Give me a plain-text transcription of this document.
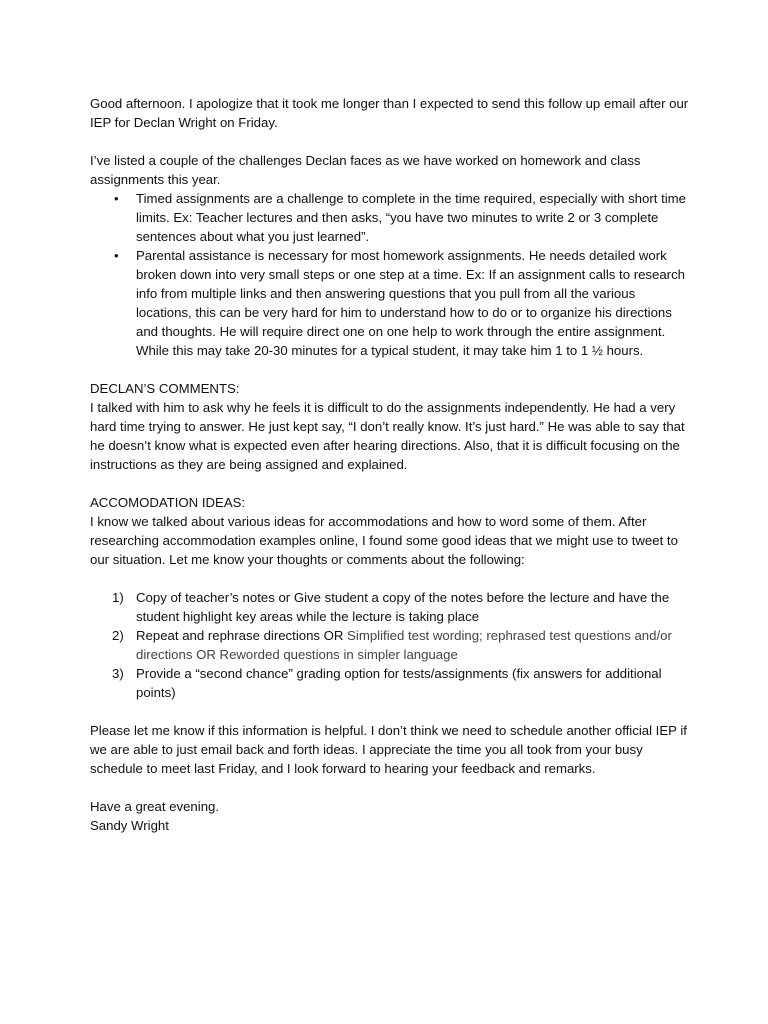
Good afternoon. I apologize that it took me longer than I expected to send this follow up email after our IEP for Declan Wright on Friday.

I’ve listed a couple of the challenges Declan faces as we have worked on homework and class assignments this year.

• Timed assignments are a challenge to complete in the time required, especially with short time limits. Ex: Teacher lectures and then asks, “you have two minutes to write 2 or 3 complete sentences about what you just learned”.
• Parental assistance is necessary for most homework assignments. He needs detailed work broken down into very small steps or one step at a time. Ex: If an assignment calls to research info from multiple links and then answering questions that you pull from all the various locations, this can be very hard for him to understand how to do or to organize his directions and thoughts. He will require direct one on one help to work through the entire assignment. While this may take 20-30 minutes for a typical student, it may take him 1 to 1 ½ hours.

DECLAN’S COMMENTS:

I talked with him to ask why he feels it is difficult to do the assignments independently. He had a very hard time trying to answer. He just kept say, “I don’t really know. It’s just hard.” He was able to say that he doesn’t know what is expected even after hearing directions. Also, that it is difficult focusing on the instructions as they are being assigned and explained.

ACCOMODATION IDEAS:

I know we talked about various ideas for accommodations and how to word some of them. After researching accommodation examples online, I found some good ideas that we might use to tweet to our situation. Let me know your thoughts or comments about the following:

1) Copy of teacher’s notes or Give student a copy of the notes before the lecture and have the student highlight key areas while the lecture is taking place
2) Repeat and rephrase directions OR Simplified test wording; rephrased test questions and/or directions OR Reworded questions in simpler language
3) Provide a “second chance” grading option for tests/assignments (fix answers for additional points)

Please let me know if this information is helpful. I don’t think we need to schedule another official IEP if we are able to just email back and forth ideas. I appreciate the time you all took from your busy schedule to meet last Friday, and I look forward to hearing your feedback and remarks.

Have a great evening.

Sandy Wright
